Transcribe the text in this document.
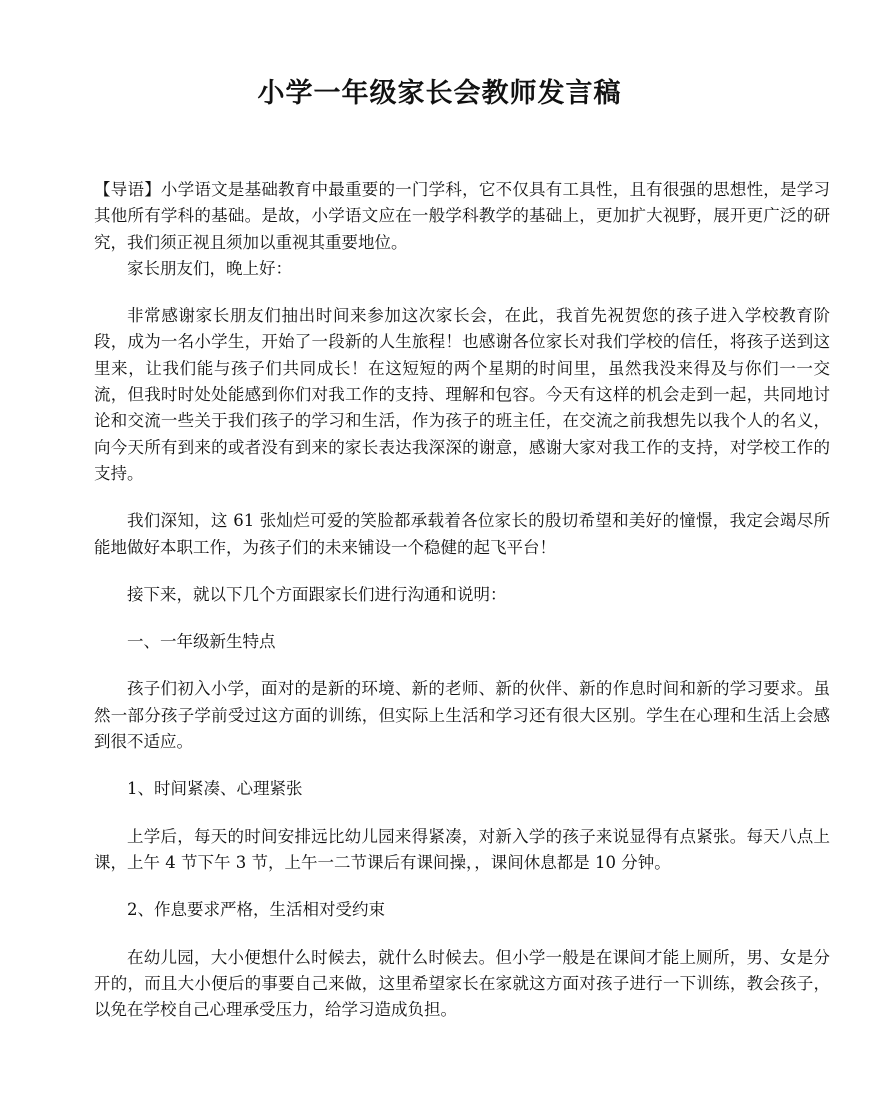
小学一年级家长会教师发言稿

【导语】小学语文是基础教育中最重要的一门学科，它不仅具有工具性，且有很强的思想性，是学习其他所有学科的基础。是故，小学语文应在一般学科教学的基础上，更加扩大视野，展开更广泛的研究，我们须正视且须加以重视其重要地位。

家长朋友们，晚上好：

非常感谢家长朋友们抽出时间来参加这次家长会，在此，我首先祝贺您的孩子进入学校教育阶段，成为一名小学生，开始了一段新的人生旅程！也感谢各位家长对我们学校的信任，将孩子送到这里来，让我们能与孩子们共同成长！在这短短的两个星期的时间里，虽然我没来得及与你们一一交流，但我时时处处能感到你们对我工作的支持、理解和包容。今天有这样的机会走到一起，共同地讨论和交流一些关于我们孩子的学习和生活，作为孩子的班主任，在交流之前我想先以我个人的名义，向今天所有到来的或者没有到来的家长表达我深深的谢意，感谢大家对我工作的支持，对学校工作的支持。

我们深知，这 61 张灿烂可爱的笑脸都承载着各位家长的殷切希望和美好的憧憬，我定会竭尽所能地做好本职工作，为孩子们的未来铺设一个稳健的起飞平台！

接下来，就以下几个方面跟家长们进行沟通和说明：

一、一年级新生特点

孩子们初入小学，面对的是新的环境、新的老师、新的伙伴、新的作息时间和新的学习要求。虽然一部分孩子学前受过这方面的训练，但实际上生活和学习还有很大区别。学生在心理和生活上会感到很不适应。

1、时间紧凑、心理紧张

上学后，每天的时间安排远比幼儿园来得紧凑，对新入学的孩子来说显得有点紧张。每天八点上课，上午 4 节下午 3 节，上午一二节课后有课间操，，课间休息都是 10 分钟。

2、作息要求严格，生活相对受约束

在幼儿园，大小便想什么时候去，就什么时候去。但小学一般是在课间才能上厕所，男、女是分开的，而且大小便后的事要自己来做，这里希望家长在家就这方面对孩子进行一下训练，教会孩子，以免在学校自己心理承受压力，给学习造成负担。
